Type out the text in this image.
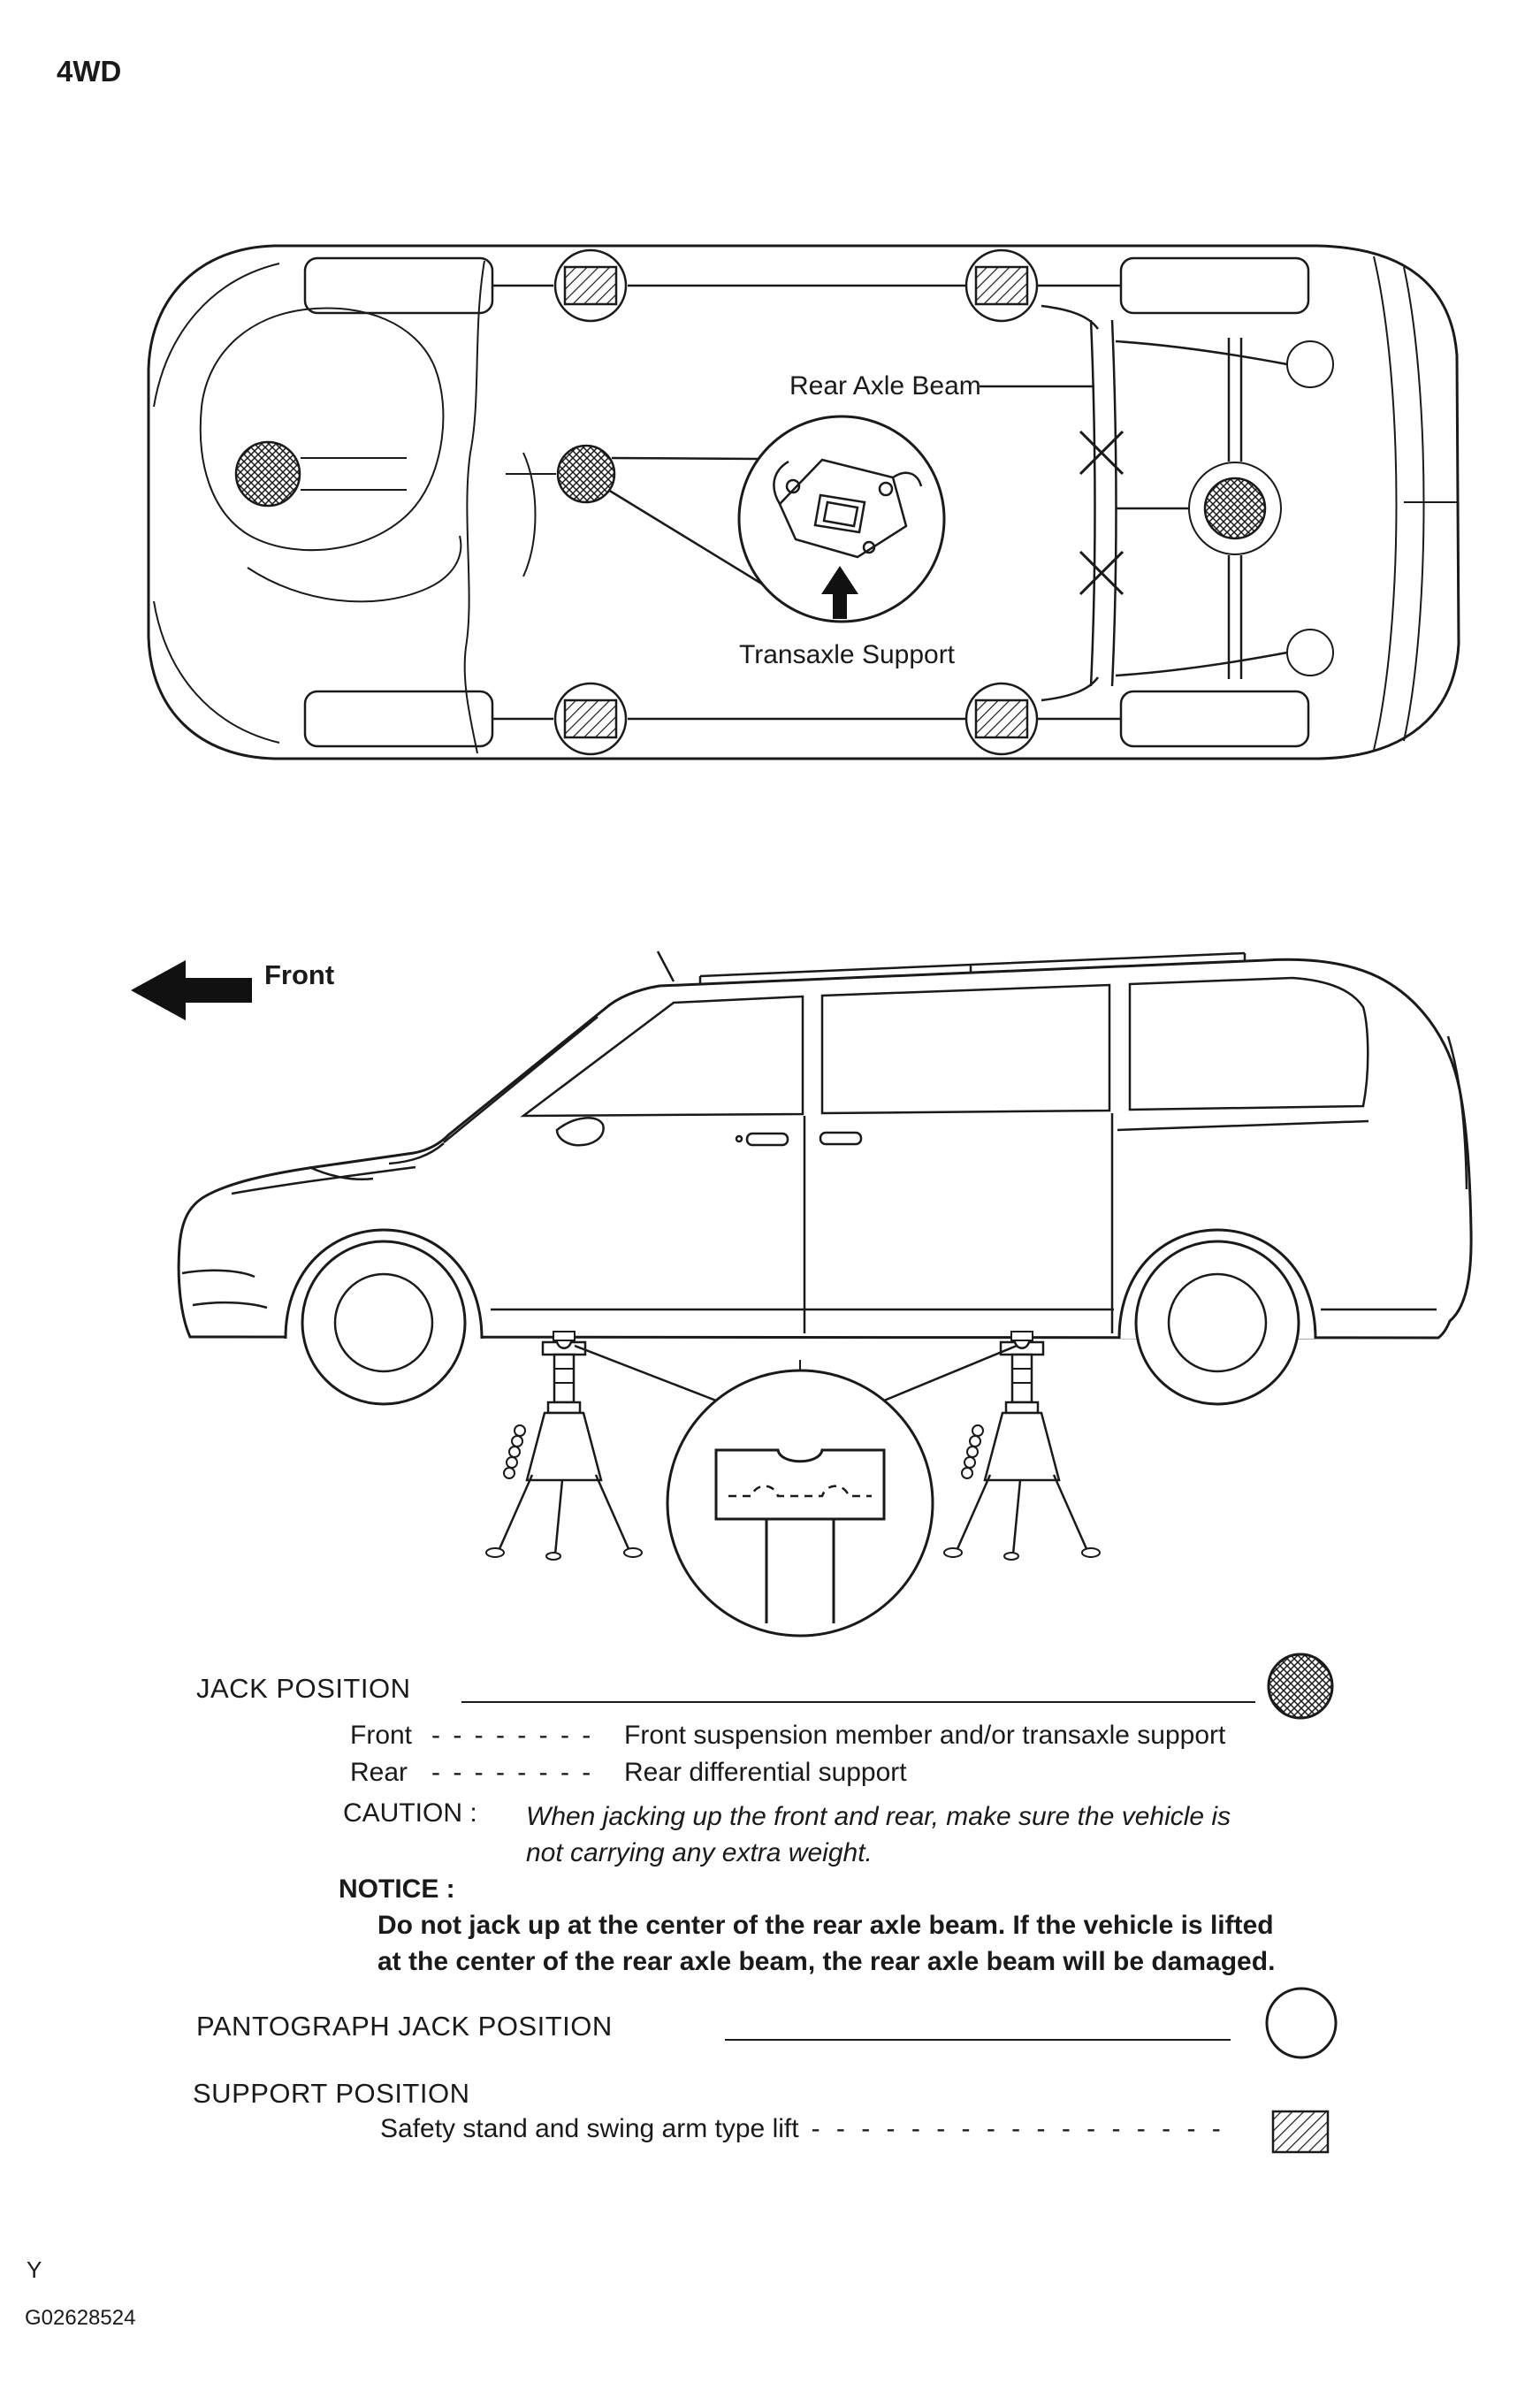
4WD
Rear Axle Beam
Transaxle Support
Front
JACK POSITION
Front - - - - - - - -	Front suspension member and/or transaxle support
Rear - - - - - - - -	Rear differential support
CAUTION :	When jacking up the front and rear, make sure the vehicle is
not carrying any extra weight.
NOTICE :
Do not jack up at the center of the rear axle beam. If the vehicle is lifted
at the center of the rear axle beam, the rear axle beam will be damaged.
PANTOGRAPH JACK POSITION
SUPPORT POSITION
Safety stand and swing arm type lift - - - - - - - - - - - - - - - - -
Y
G02628524
